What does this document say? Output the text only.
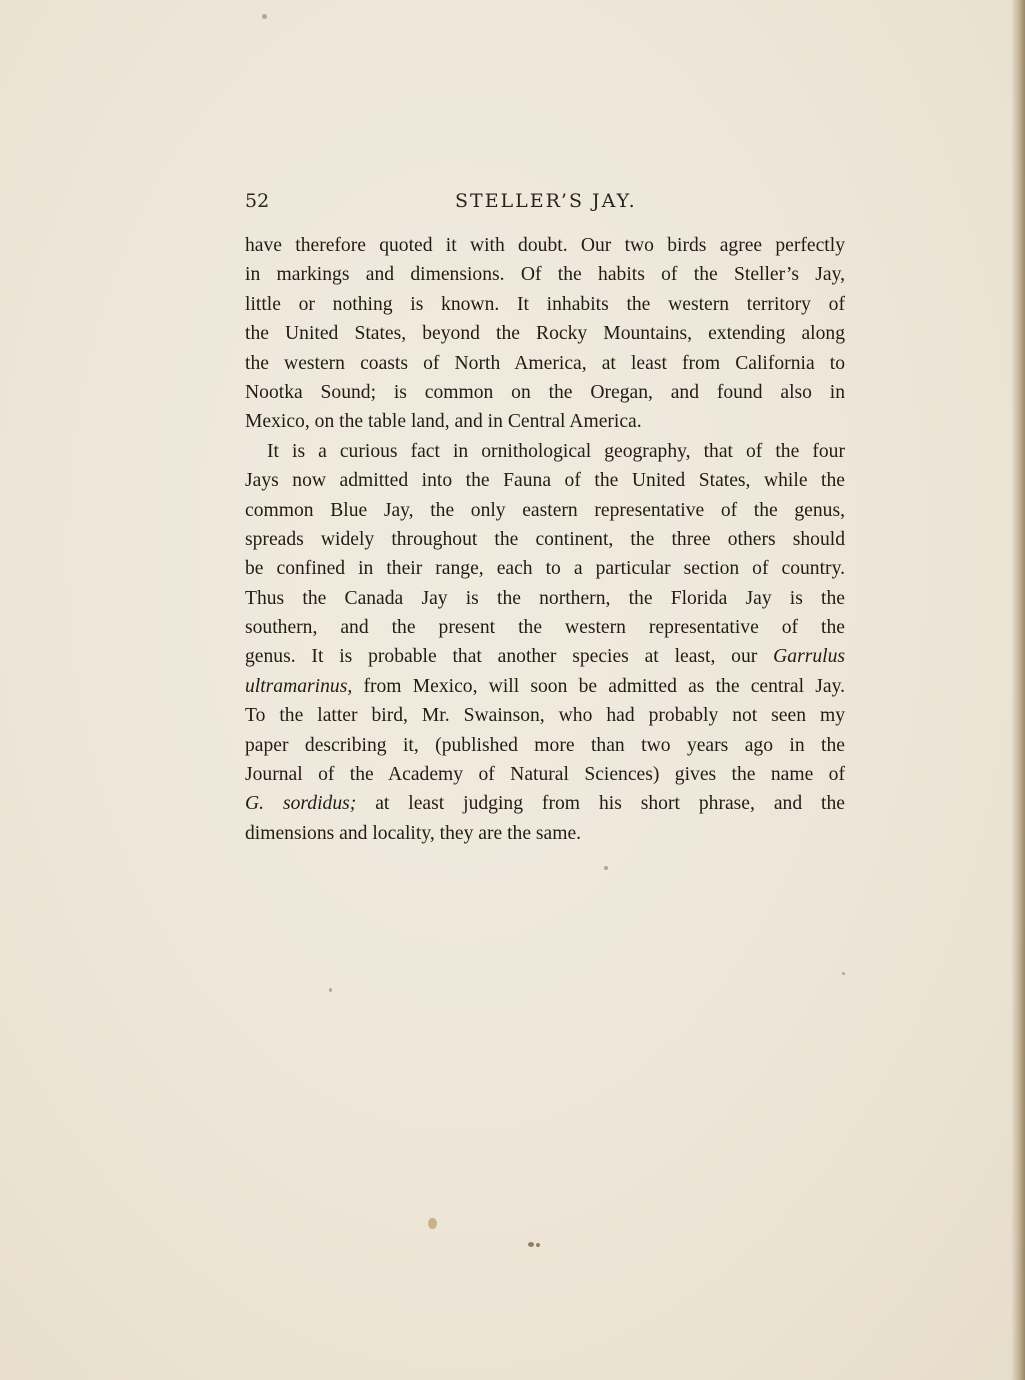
52	STELLER’S JAY.
have therefore quoted it with doubt. Our two birds agree perfectly
in markings and dimensions. Of the habits of the Steller’s Jay,
little or nothing is known. It inhabits the western territory of
the United States, beyond the Rocky Mountains, extending along
the western coasts of North America, at least from California to
Nootka Sound; is common on the Oregan, and found also in
Mexico, on the table land, and in Central America.
It is a curious fact in ornithological geography, that of the four
Jays now admitted into the Fauna of the United States, while the
common Blue Jay, the only eastern representative of the genus,
spreads widely throughout the continent, the three others should
be confined in their range, each to a particular section of country.
Thus the Canada Jay is the northern, the Florida Jay is the
southern, and the present the western representative of the
genus. It is probable that another species at least, our Garrulus
ultramarinus, from Mexico, will soon be admitted as the central Jay.
To the latter bird, Mr. Swainson, who had probably not seen my
paper describing it, (published more than two years ago in the
Journal of the Academy of Natural Sciences) gives the name of
G. sordidus; at least judging from his short phrase, and the
dimensions and locality, they are the same.
